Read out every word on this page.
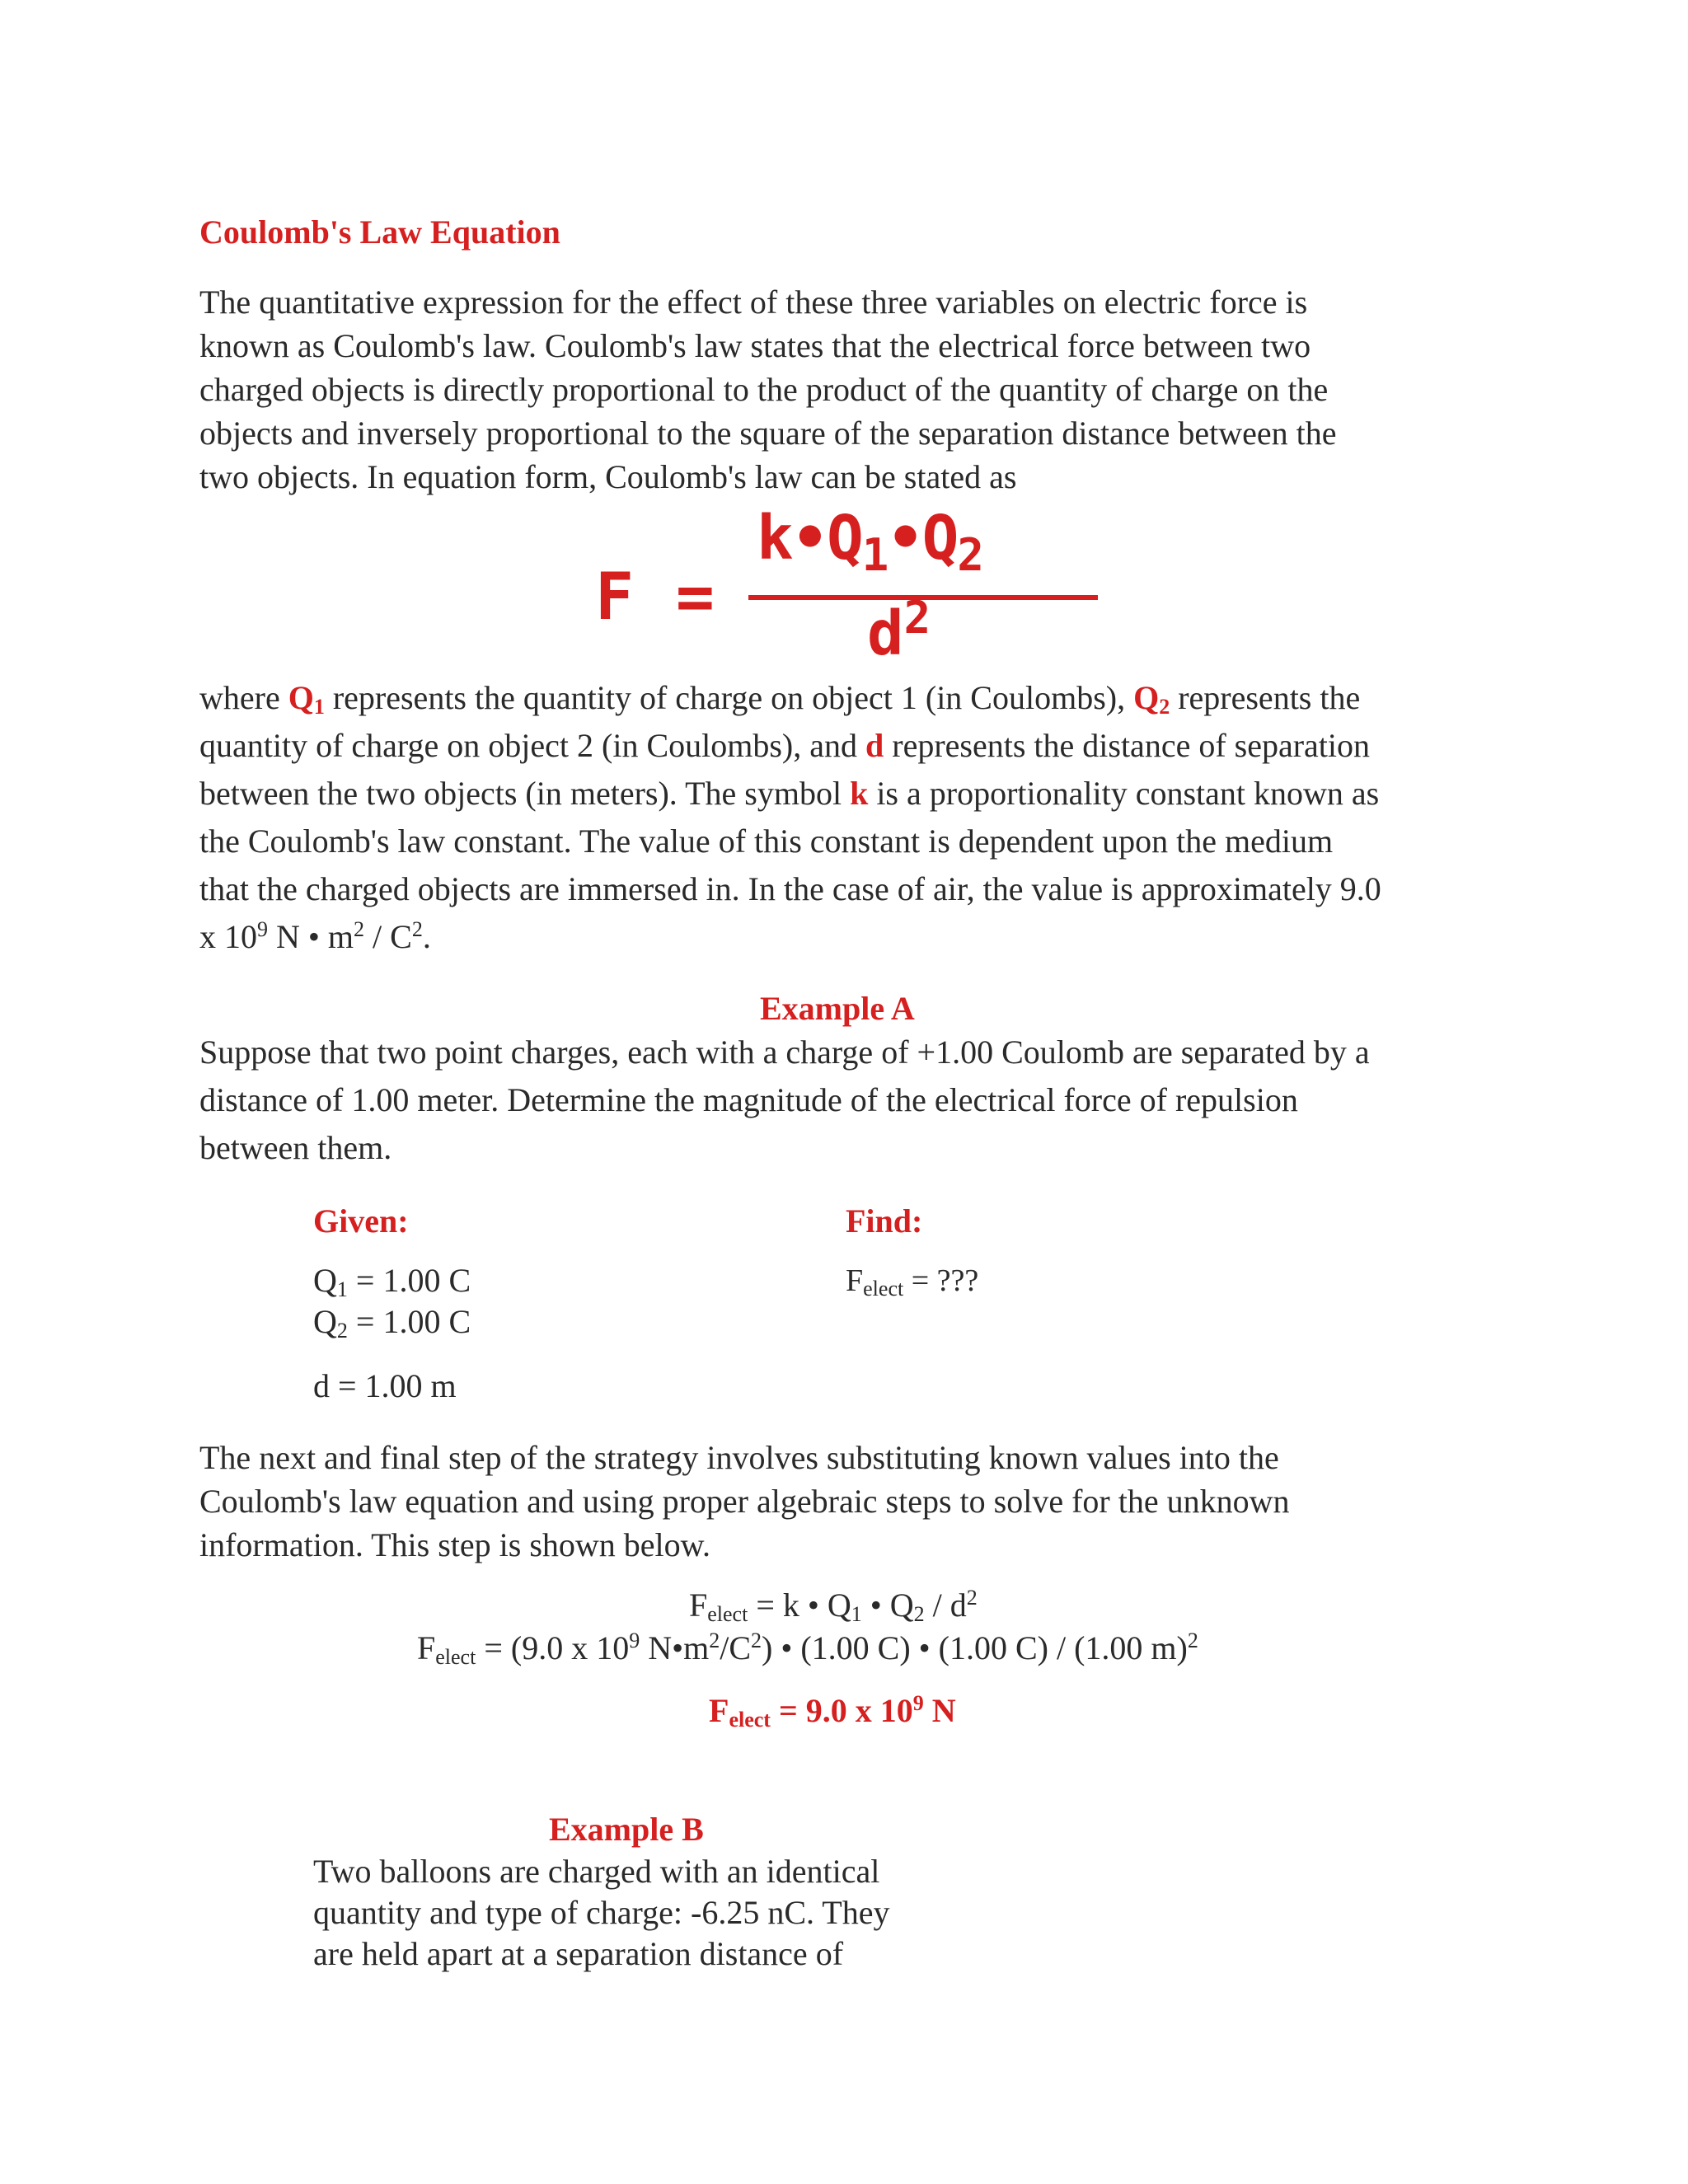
Coulomb's Law Equation
The quantitative expression for the effect of these three variables on electric force is
known as Coulomb's law. Coulomb's law states that the electrical force between two
charged objects is directly proportional to the product of the quantity of charge on the
objects and inversely proportional to the square of the separation distance between the
two objects. In equation form, Coulomb's law can be stated as
F =
$k•Q_1•Q_2$
$d^2$
where $Q_1$ represents the quantity of charge on object 1 (in Coulombs), $Q_2$ represents the
quantity of charge on object 2 (in Coulombs), and d represents the distance of separation
between the two objects (in meters). The symbol k is a proportionality constant known as
the Coulomb's law constant. The value of this constant is dependent upon the medium
that the charged objects are immersed in. In the case of air, the value is approximately 9.0
x $10^9$ N • $m^2 / C^2$.
Example A
Suppose that two point charges, each with a charge of +1.00 Coulomb are separated by a
distance of 1.00 meter. Determine the magnitude of the electrical force of repulsion
between them.
Given:	Find:
$Q_1 = 1.00$ C
$Q_2 = 1.00$ C
d = 1.00 m
$F_{elect}$ = ???
The next and final step of the strategy involves substituting known values into the
Coulomb's law equation and using proper algebraic steps to solve for the unknown
information. This step is shown below.
$F_{elect} = k$ • $Q_1$ • $Q_2 / d^2$
$F_{elect} = (9.0$ x $10^9$ $N•m^2/C^2$) • (1.00 C) • (1.00 C) / (1.00 m)$^2$
$F_{elect} = 9.0$ x $10^9$ N
Example B
Two balloons are charged with an identical
quantity and type of charge: -6.25 nC. They
are held apart at a separation distance of
